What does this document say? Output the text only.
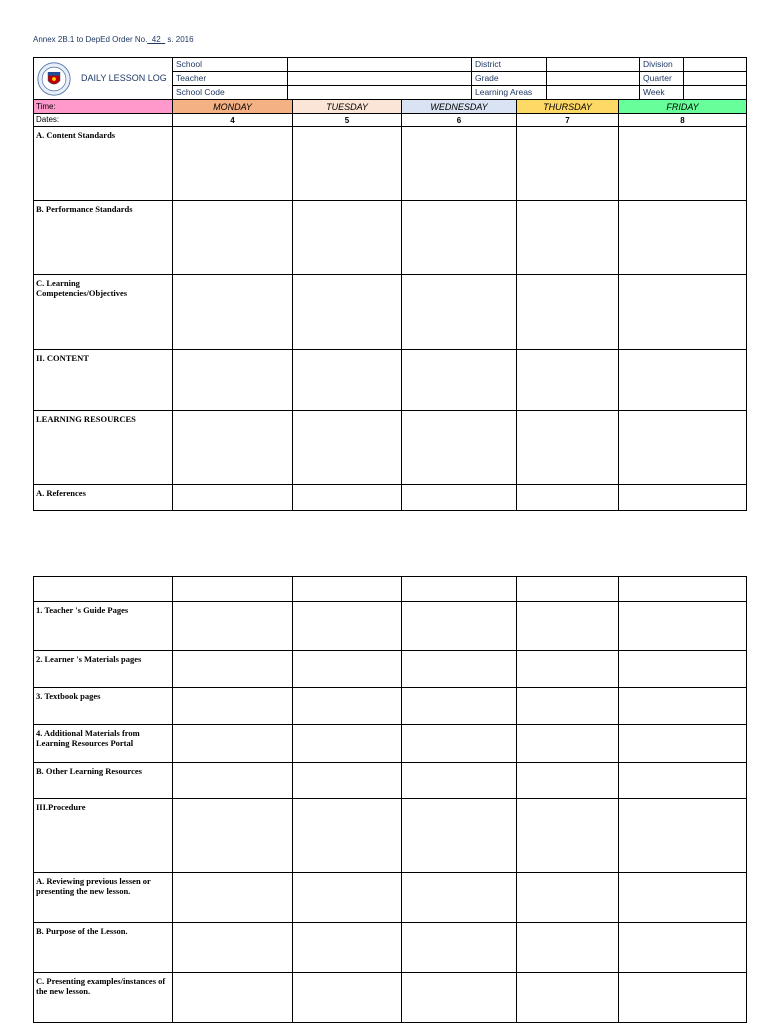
Annex 2B.1 to DepEd Order No._42_ s. 2016
DAILY LESSON LOG	School		District		Division	
	Teacher		Grade		Quarter	
	School Code		Learning Areas		Week	
Time:	MONDAY	TUESDAY	WEDNESDAY	THURSDAY	FRIDAY
Dates:	4	5	6	7	8
A. Content Standards					
B. Performance Standards					
C. Learning Competencies/Objectives					
II. CONTENT					
LEARNING RESOURCES					
A. References					

1. Teacher 's Guide Pages					
2. Learner 's Materials pages					
3. Textbook pages					
4. Additional Materials from Learning Resources Portal					
B. Other Learning Resources					
III.Procedure					
A. Reviewing previous lessen or presenting the new lesson.					
B. Purpose of the Lesson.					
C. Presenting examples/instances of the new lesson.					
